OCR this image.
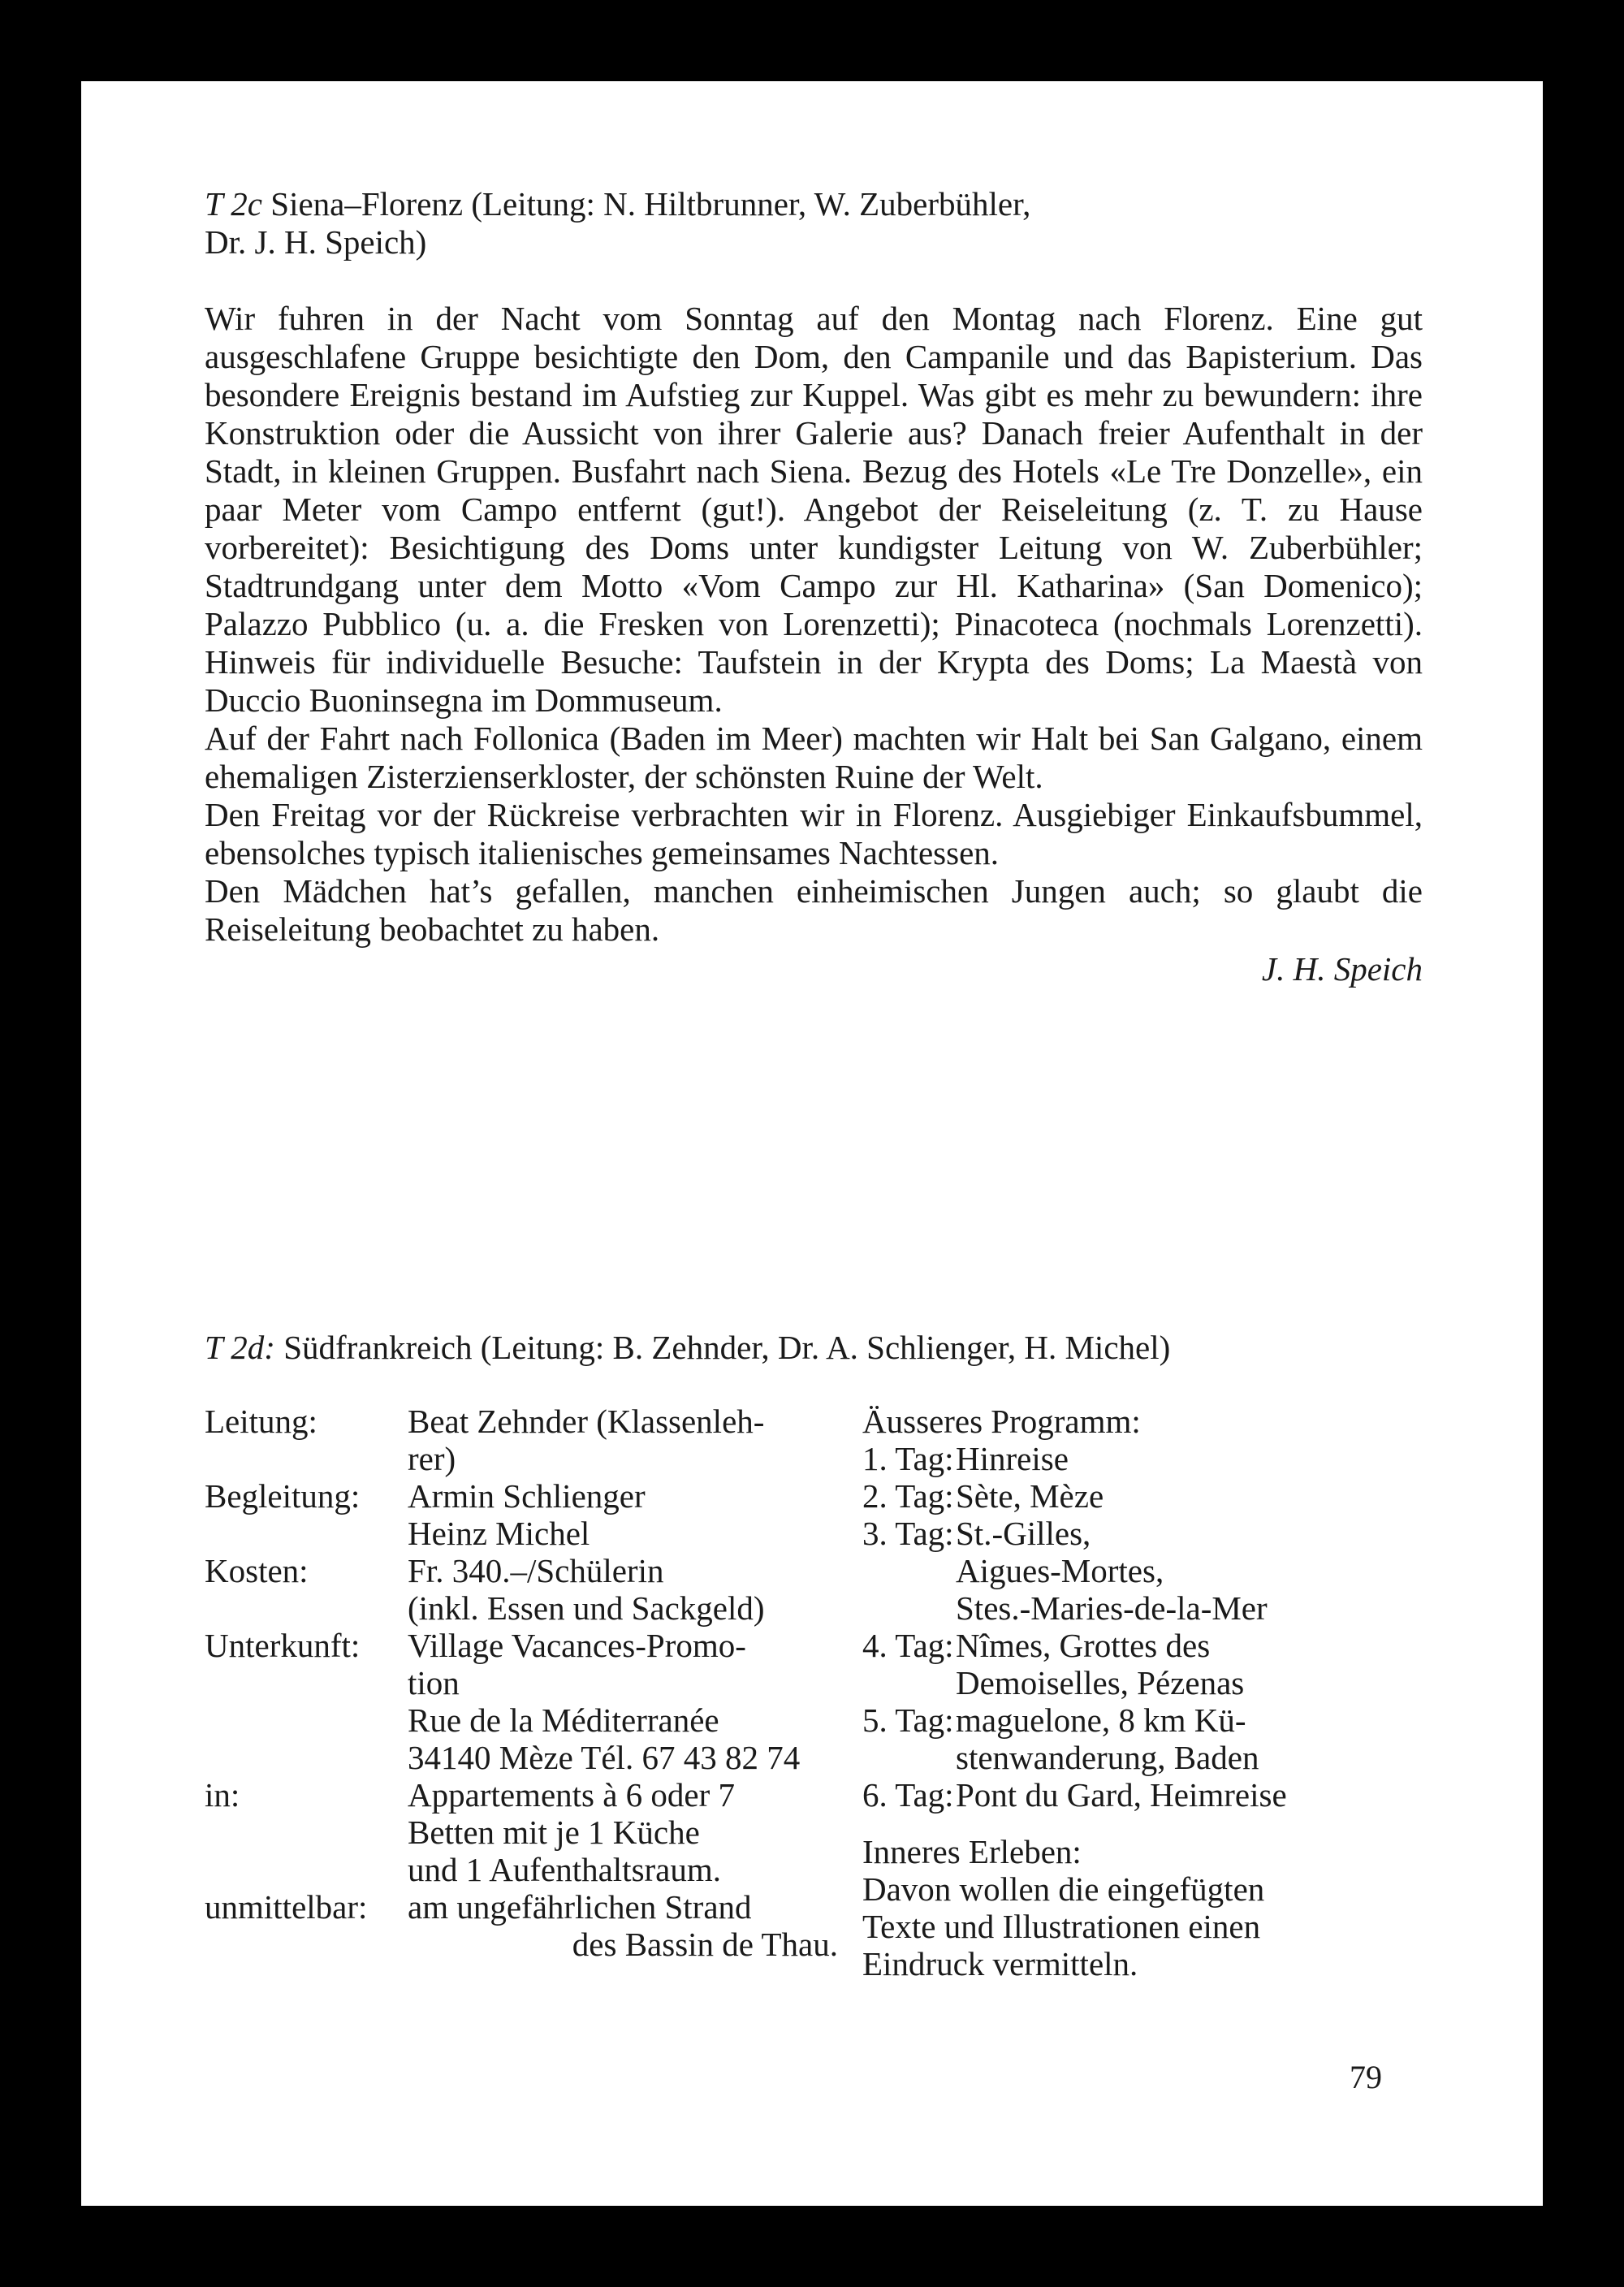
T 2c Siena–Florenz (Leitung: N. Hiltbrunner, W. Zuberbühler,
Dr. J. H. Speich)

Wir fuhren in der Nacht vom Sonntag auf den Montag nach Florenz. Eine gut ausgeschlafene Gruppe besichtigte den Dom, den Campanile und das Bapisterium. Das besondere Ereignis bestand im Aufstieg zur Kuppel. Was gibt es mehr zu bewundern: ihre Konstruktion oder die Aussicht von ihrer Galerie aus? Danach freier Aufenthalt in der Stadt, in kleinen Gruppen. Busfahrt nach Siena. Bezug des Hotels «Le Tre Donzelle», ein paar Meter vom Campo entfernt (gut!). Angebot der Reiseleitung (z. T. zu Hause vorbereitet): Besichtigung des Doms unter kundigster Leitung von W. Zuberbühler; Stadtrundgang unter dem Motto «Vom Campo zur Hl. Katharina» (San Domenico); Palazzo Pubblico (u. a. die Fresken von Lorenzetti); Pinacoteca (nochmals Lorenzetti). Hinweis für individuelle Besuche: Taufstein in der Krypta des Doms; La Maestà von Duccio Buoninsegna im Dommuseum.

Auf der Fahrt nach Follonica (Baden im Meer) machten wir Halt bei San Galgano, einem ehemaligen Zisterzienserkloster, der schönsten Ruine der Welt.

Den Freitag vor der Rückreise verbrachten wir in Florenz. Ausgiebiger Einkaufsbummel, ebensolches typisch italienisches gemeinsames Nachtessen.

Den Mädchen hat’s gefallen, manchen einheimischen Jungen auch; so glaubt die Reiseleitung beobachtet zu haben.

J. H. Speich
T 2d: Südfrankreich (Leitung: B. Zehnder, Dr. A. Schlienger, H. Michel)
Leitung:	Beat Zehnder (Klassenleh-
rer)
Begleitung:	Armin Schlienger
Heinz Michel
Kosten:	Fr. 340.–/Schülerin
(inkl. Essen und Sackgeld)
Unterkunft:	Village Vacances-Promo-
tion
Rue de la Méditerranée
34140 Mèze Tél. 67 43 82 74
in:	Appartements à 6 oder 7
Betten mit je 1 Küche
und 1 Aufenthaltsraum.
unmittelbar:	am ungefährlichen Strand
des Bassin de Thau.
Äusseres Programm:
1. Tag: Hinreise
2. Tag: Sète, Mèze
3. Tag: St.-Gilles,
Aigues-Mortes,
Stes.-Maries-de-la-Mer
4. Tag: Nîmes, Grottes des
Demoiselles, Pézenas
5. Tag: maguelone, 8 km Kü-
stenwanderung, Baden
6. Tag: Pont du Gard, Heimreise
Inneres Erleben:
Davon wollen die eingefügten
Texte und Illustrationen einen
Eindruck vermitteln.
79
